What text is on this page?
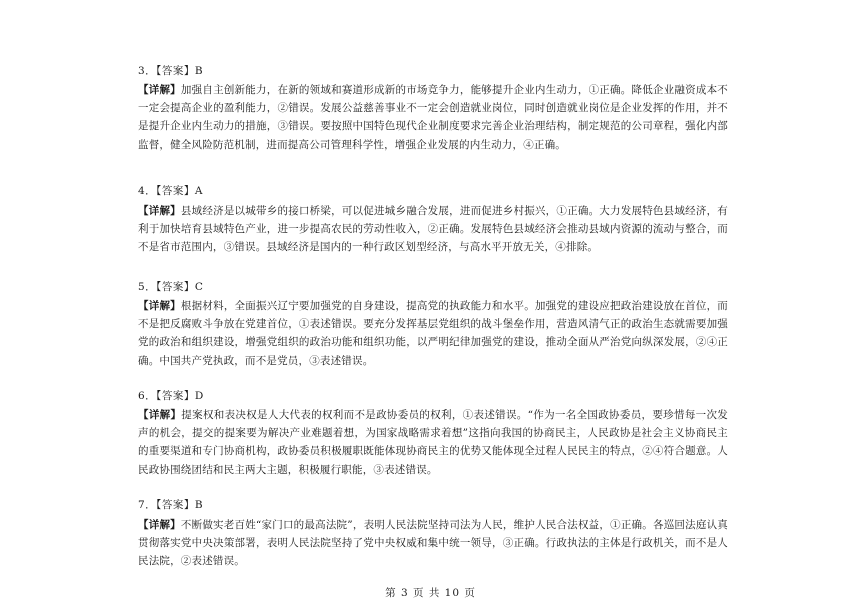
3．【答案】B
【详解】加强自主创新能力，在新的领域和赛道形成新的市场竞争力，能够提升企业内生动力，①正确。降低企业融资成本不一定会提高企业的盈利能力，②错误。发展公益慈善事业不一定会创造就业岗位，同时创造就业岗位是企业发挥的作用，并不是提升企业内生动力的措施，③错误。要按照中国特色现代企业制度要求完善企业治理结构，制定规范的公司章程，强化内部监督，健全风险防范机制，进而提高公司管理科学性，增强企业发展的内生动力，④正确。
4．【答案】A
【详解】县域经济是以城带乡的接口桥梁，可以促进城乡融合发展，进而促进乡村振兴，①正确。大力发展特色县域经济，有利于加快培育县域特色产业，进一步提高农民的劳动性收入，②正确。发展特色县域经济会推动县域内资源的流动与整合，而不是省市范围内，③错误。县域经济是国内的一种行政区划型经济，与高水平开放无关，④排除。
5．【答案】C
【详解】根据材料，全面振兴辽宁要加强党的自身建设，提高党的执政能力和水平。加强党的建设应把政治建设放在首位，而不是把反腐败斗争放在党建首位，①表述错误。要充分发挥基层党组织的战斗堡垒作用，营造风清气正的政治生态就需要加强党的政治和组织建设，增强党组织的政治功能和组织功能，以严明纪律加强党的建设，推动全面从严治党向纵深发展，②④正确。中国共产党执政，而不是党员，③表述错误。
6．【答案】D
【详解】提案权和表决权是人大代表的权利而不是政协委员的权利，①表述错误。“作为一名全国政协委员，要珍惜每一次发声的机会，提交的提案要为解决产业难题着想，为国家战略需求着想”这指向我国的协商民主，人民政协是社会主义协商民主的重要渠道和专门协商机构，政协委员积极履职既能体现协商民主的优势又能体现全过程人民民主的特点，②④符合题意。人民政协围绕团结和民主两大主题，积极履行职能，③表述错误。
7．【答案】B
【详解】不断做实老百姓“家门口的最高法院”，表明人民法院坚持司法为人民，维护人民合法权益，①正确。各巡回法庭认真贯彻落实党中央决策部署，表明人民法院坚持了党中央权威和集中统一领导，③正确。行政执法的主体是行政机关，而不是人民法院，②表述错误。
第 3 页 共 10 页
